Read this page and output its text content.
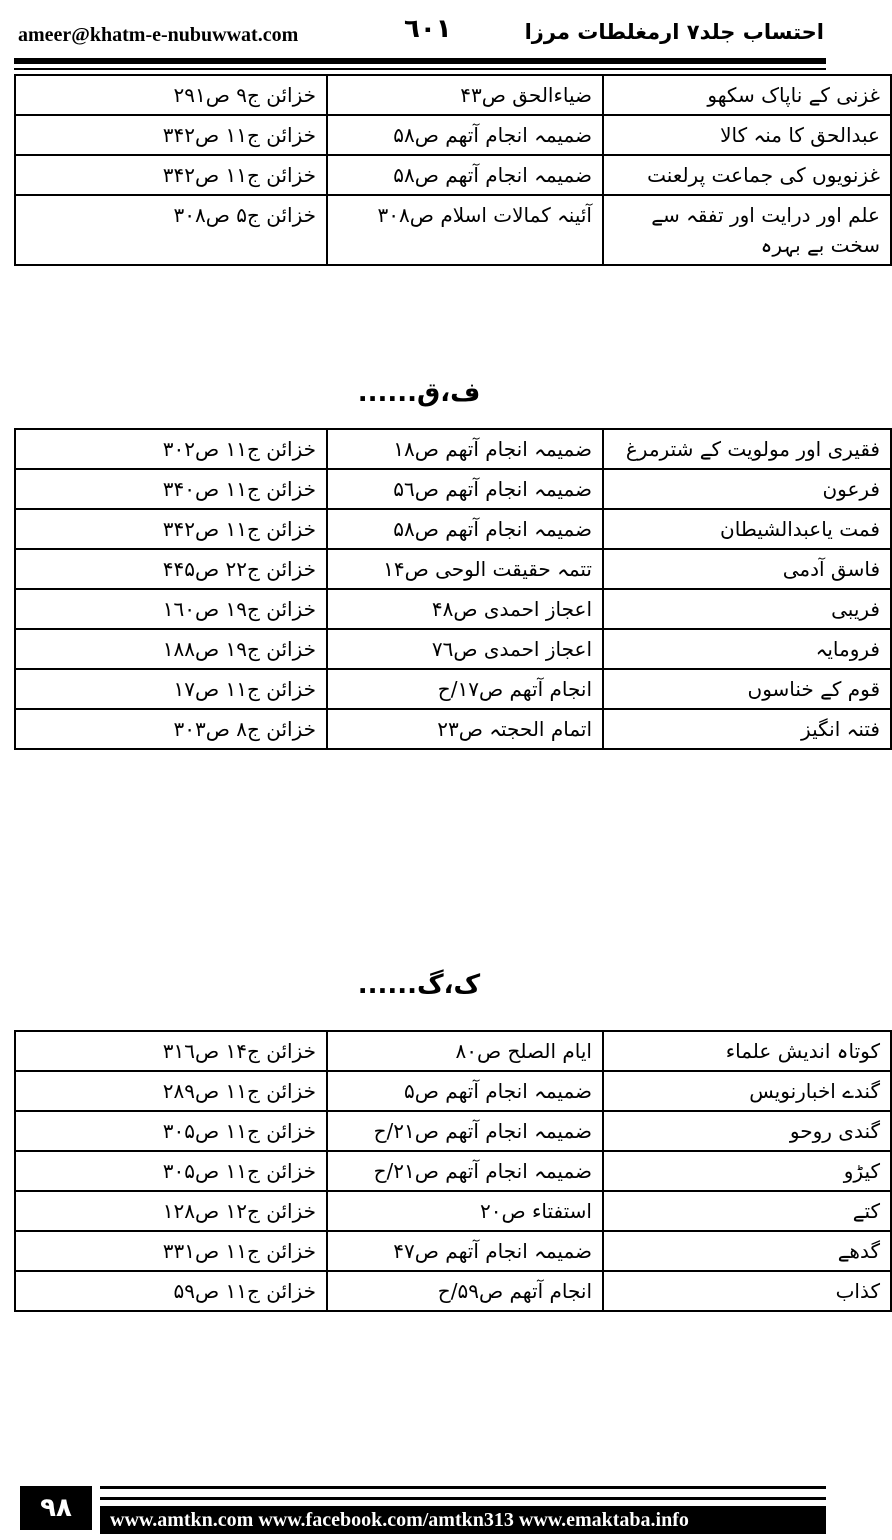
ameer@khatm-e-nubuwwat.com	٦٠١	احتساب جلد۷ ارمغلطات مرزا
غزنی کے ناپاک سکھو	ضیاءالحق ص۴۳	خزائن ج۹ ص۲۹۱
عبدالحق کا منہ کالا	ضمیمہ انجام آتھم ص۵۸	خزائن ج۱۱ ص۳۴۲
غزنویوں کی جماعت پرلعنت	ضمیمہ انجام آتھم ص۵۸	خزائن ج۱۱ ص۳۴۲
علم اور درایت اور تفقہ سے سخت بے بہرہ	آئینہ کمالات اسلام ص۳۰۸	خزائن ج۵ ص۳۰۸
ف،ق......
فقیری اور مولویت کے شترمرغ	ضمیمہ انجام آتھم ص۱۸	خزائن ج۱۱ ص۳۰۲
فرعون	ضمیمہ انجام آتھم ص۵٦	خزائن ج۱۱ ص۳۴۰
فمت یاعبدالشیطان	ضمیمہ انجام آتھم ص۵۸	خزائن ج۱۱ ص۳۴۲
فاسق آدمی	تتمہ حقیقت الوحی ص۱۴	خزائن ج۲۲ ص۴۴۵
فریبی	اعجاز احمدی ص۴۸	خزائن ج۱۹ ص۱٦۰
فرومایہ	اعجاز احمدی ص۷٦	خزائن ج۱۹ ص۱۸۸
قوم کے خناسوں	انجام آتھم ص۱۷/ح	خزائن ج۱۱ ص۱۷
فتنہ انگیز	اتمام الحجتہ ص۲۳	خزائن ج۸ ص۳۰۳
ک،گ......
کوتاہ اندیش علماء	ایام الصلح ص۸۰	خزائن ج۱۴ ص۳۱٦
گندے اخبارنویس	ضمیمہ انجام آتھم ص۵	خزائن ج۱۱ ص۲۸۹
گندی روحو	ضمیمہ انجام آتھم ص۲۱/ح	خزائن ج۱۱ ص۳۰۵
کیڑو	ضمیمہ انجام آتھم ص۲۱/ح	خزائن ج۱۱ ص۳۰۵
کتے	استفتاء ص۲۰	خزائن ج۱۲ ص۱۲۸
گدھے	ضمیمہ انجام آتھم ص۴۷	خزائن ج۱۱ ص۳۳۱
کذاب	انجام آتھم ص۵۹/ح	خزائن ج۱۱ ص۵۹
۹۸	www.amtkn.com www.facebook.com/amtkn313 www.emaktaba.info
